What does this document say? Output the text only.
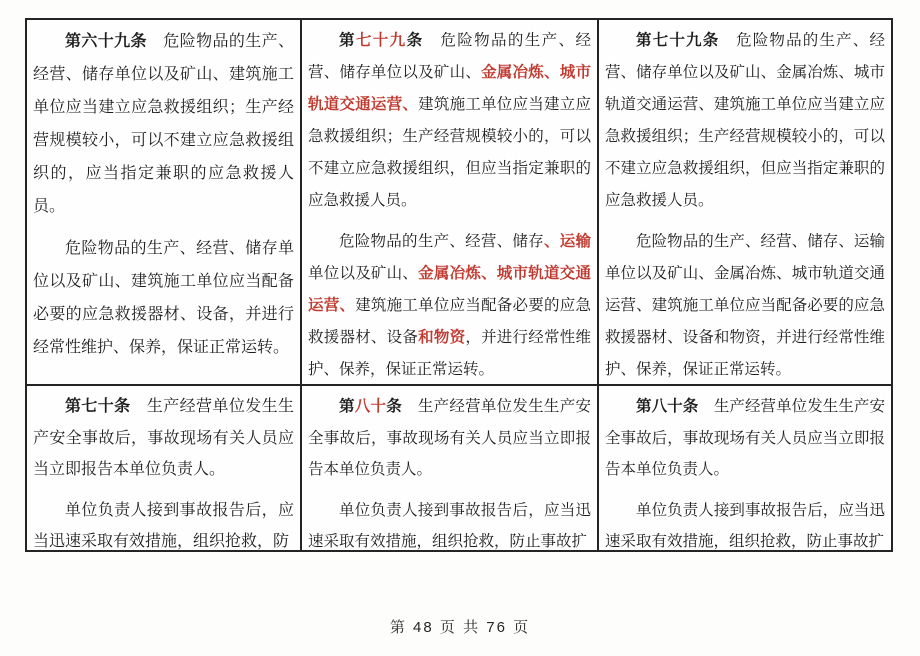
第六十九条　危险物品的生产、经营、储存单位以及矿山、建筑施工单位应当建立应急救援组织；生产经营规模较小，可以不建立应急救援组织的，应当指定兼职的应急救援人员。

危险物品的生产、经营、储存单位以及矿山、建筑施工单位应当配备必要的应急救援器材、设备，并进行经常性维护、保养，保证正常运转。

第七十九条　危险物品的生产、经营、储存单位以及矿山、金属冶炼、城市轨道交通运营、建筑施工单位应当建立应急救援组织；生产经营规模较小的，可以不建立应急救援组织，但应当指定兼职的应急救援人员。

危险物品的生产、经营、储存、运输单位以及矿山、金属冶炼、城市轨道交通运营、建筑施工单位应当配备必要的应急救援器材、设备和物资，并进行经常性维护、保养，保证正常运转。

第七十九条　危险物品的生产、经营、储存单位以及矿山、金属冶炼、城市轨道交通运营、建筑施工单位应当建立应急救援组织；生产经营规模较小的，可以不建立应急救援组织，但应当指定兼职的应急救援人员。

危险物品的生产、经营、储存、运输单位以及矿山、金属冶炼、城市轨道交通运营、建筑施工单位应当配备必要的应急救援器材、设备和物资，并进行经常性维护、保养，保证正常运转。

第七十条　生产经营单位发生生产安全事故后，事故现场有关人员应当立即报告本单位负责人。

单位负责人接到事故报告后，应当迅速采取有效措施，组织抢救，防

第八十条　生产经营单位发生生产安全事故后，事故现场有关人员应当立即报告本单位负责人。

单位负责人接到事故报告后，应当迅速采取有效措施，组织抢救，防止事故扩

第八十条　生产经营单位发生生产安全事故后，事故现场有关人员应当立即报告本单位负责人。

单位负责人接到事故报告后，应当迅速采取有效措施，组织抢救，防止事故扩

第 48 页 共 76 页
